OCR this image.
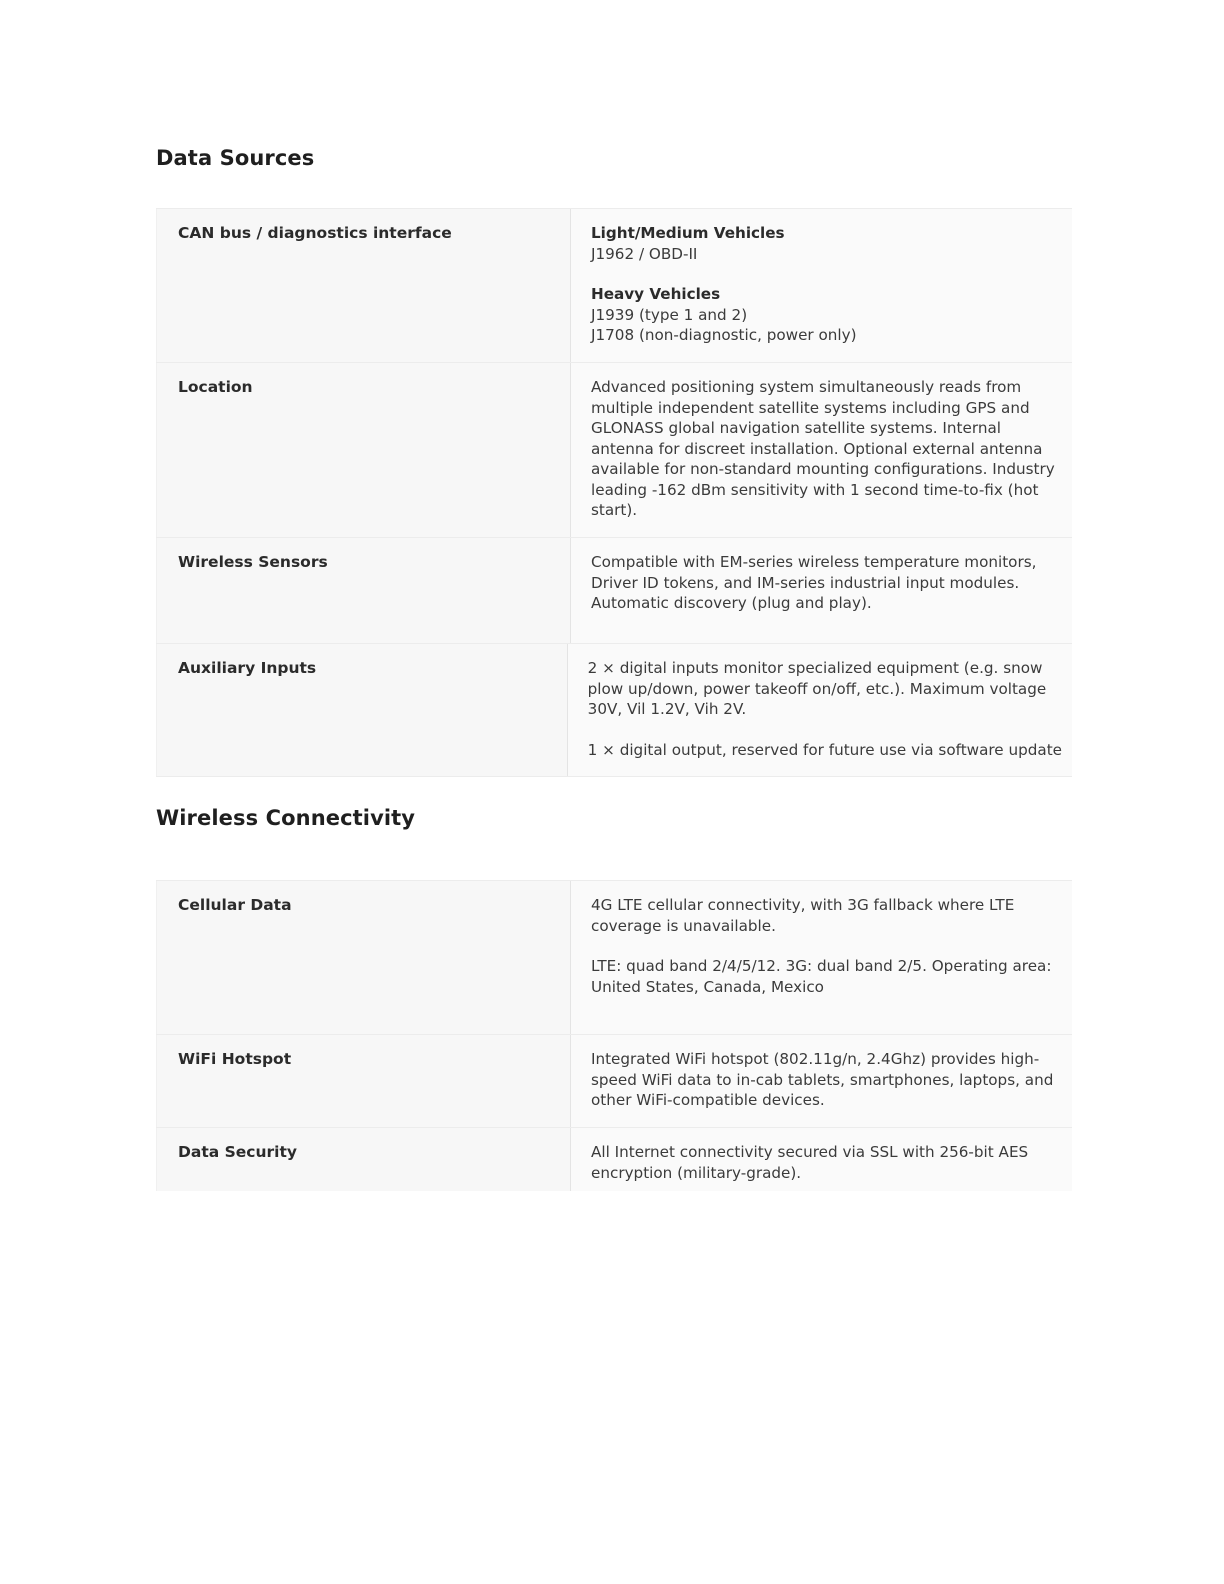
Data Sources
CAN bus / diagnostics interface	Light/Medium Vehicles
J1962 / OBD-II

Heavy Vehicles
J1939 (type 1 and 2)
J1708 (non-diagnostic, power only)

Location	Advanced positioning system simultaneously reads from multiple independent satellite systems including GPS and GLONASS global navigation satellite systems. Internal antenna for discreet installation. Optional external antenna available for non-standard mounting configurations. Industry leading -162 dBm sensitivity with 1 second time-to-fix (hot start).

Wireless Sensors	Compatible with EM-series wireless temperature monitors, Driver ID tokens, and IM-series industrial input modules. Automatic discovery (plug and play).

Auxiliary Inputs	2 × digital inputs monitor specialized equipment (e.g. snow plow up/down, power takeoff on/off, etc.). Maximum voltage 30V, Vil 1.2V, Vih 2V.

1 × digital output, reserved for future use via software update

Wireless Connectivity
Cellular Data	4G LTE cellular connectivity, with 3G fallback where LTE coverage is unavailable.

LTE: quad band 2/4/5/12. 3G: dual band 2/5. Operating area: United States, Canada, Mexico

WiFi Hotspot	Integrated WiFi hotspot (802.11g/n, 2.4Ghz) provides high-speed WiFi data to in-cab tablets, smartphones, laptops, and other WiFi-compatible devices.

Data Security	All Internet connectivity secured via SSL with 256-bit AES encryption (military-grade).
